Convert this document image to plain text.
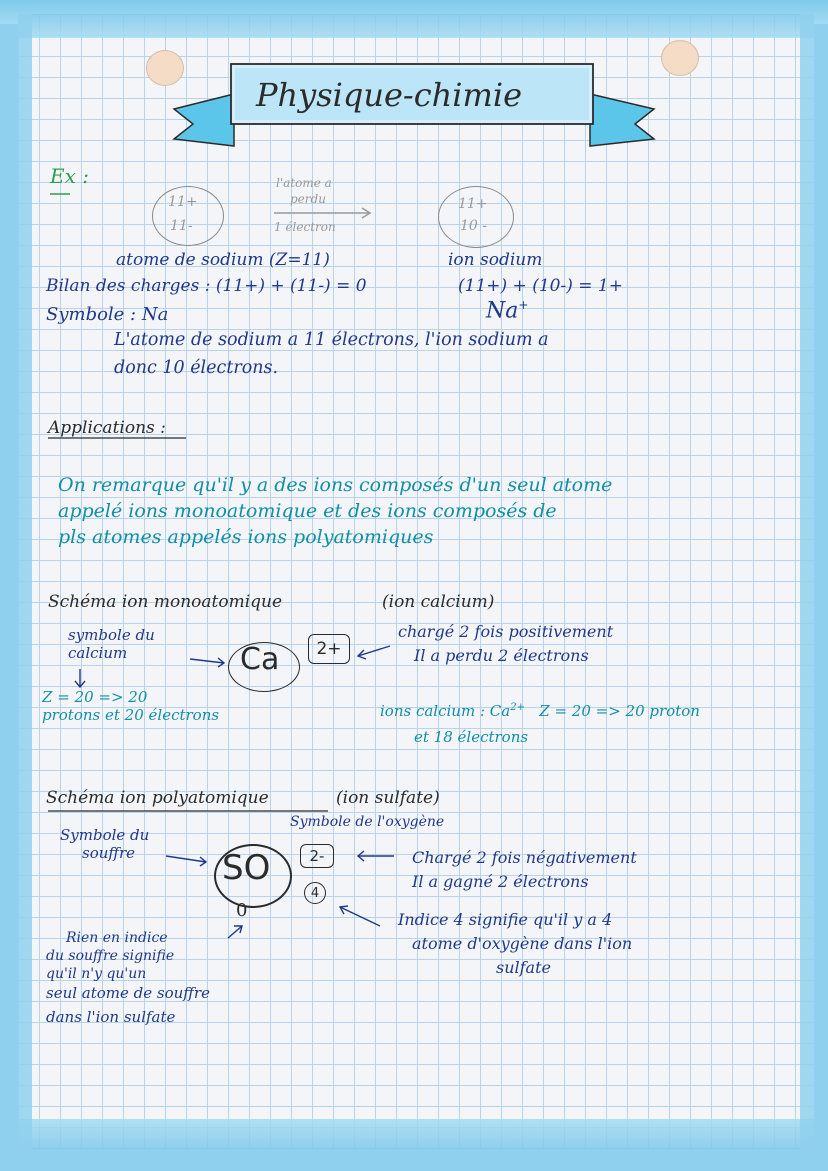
Physique-chimie
Ex :
11+
11-
l'atome a
perdu
1 électron
11+
10 -
atome de sodium (Z=11)	ion sodium
Bilan des charges : (11+) + (11-) = 0	(11+) + (10-) = 1+
Symbole : Na	Na+
L'atome de sodium a 11 électrons, l'ion sodium a
donc 10 électrons.
Applications :
On remarque qu'il y a des ions composés d'un seul atome
appelé ions monoatomique et des ions composés de
pls atomes appelés ions polyatomiques
Schéma ion monoatomique	(ion calcium)
symbole du
calcium	Ca	2+
chargé 2 fois positivement
Il a perdu 2 électrons
Z = 20 => 20
protons et 20 électrons	ions calcium : $Ca^{2+}$ Z = 20 => 20 proton
et 18 électrons
Schéma ion polyatomique	(ion sulfate)
Symbole de l'oxygène
Symbole du
souffre	SO	2-
4
0
Chargé 2 fois négativement
Il a gagné 2 électrons
Indice 4 signifie qu'il y a 4
atome d'oxygène dans l'ion
sulfate
Rien en indice
du souffre signifie
qu'il n'y qu'un
seul atome de souffre
dans l'ion sulfate
